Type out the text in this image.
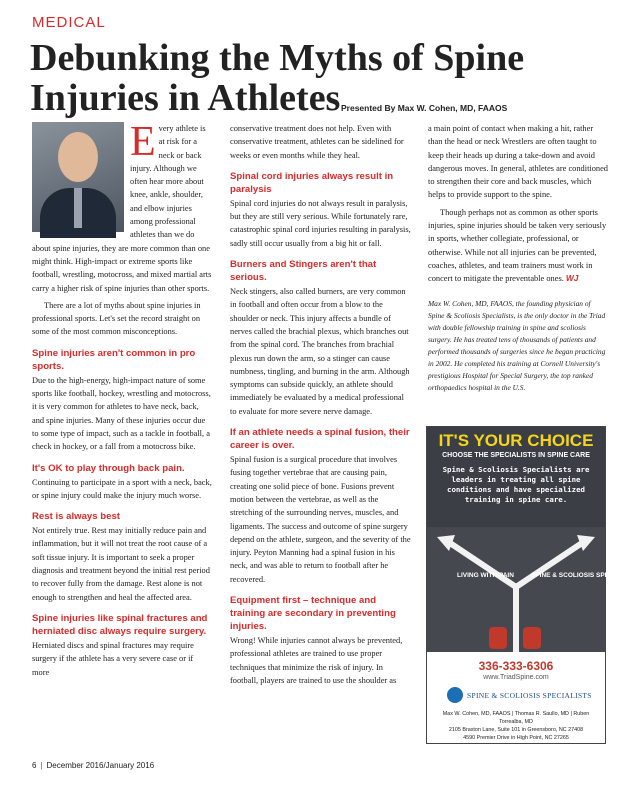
MEDICAL
Debunking the Myths of Spine Injuries in Athletes Presented By Max W. Cohen, MD, FAAOS

Every athlete is at risk for a neck or back injury. Although we often hear more about knee, ankle, shoulder, and elbow injuries among professional athletes than we do about spine injuries, they are more common than one might think. High-impact or extreme sports like football, wrestling, motocross, and mixed martial arts carry a higher risk of spine injuries than other sports.

There are a lot of myths about spine injuries in professional sports. Let's set the record straight on some of the most common misconceptions.

Spine injuries aren't common in pro sports.

Due to the high-energy, high-impact nature of some sports like football, hockey, wrestling and motocross, it is very common for athletes to have neck, back, and spine injuries. Many of these injuries occur due to some type of impact, such as a tackle in football, a check in hockey, or a fall from a motocross bike.

It's OK to play through back pain.

Continuing to participate in a sport with a neck, back, or spine injury could make the injury much worse.

Rest is always best

Not entirely true. Rest may initially reduce pain and inflammation, but it will not treat the root cause of a soft tissue injury. It is important to seek a proper diagnosis and treatment beyond the initial rest period to recover fully from the damage. Rest alone is not enough to strengthen and heal the affected area.

Spine injuries like spinal fractures and herniated disc always require surgery.

Herniated discs and spinal fractures may require surgery if the athlete has a very severe case or if more

conservative treatment does not help. Even with conservative treatment, athletes can be sidelined for weeks or even months while they heal.

Spinal cord injuries always result in paralysis

Spinal cord injuries do not always result in paralysis, but they are still very serious. While fortunately rare, catastrophic spinal cord injuries resulting in paralysis, sadly still occur usually from a big hit or fall.

Burners and Stingers aren't that serious.

Neck stingers, also called burners, are very common in football and often occur from a blow to the shoulder or neck. This injury affects a bundle of nerves called the brachial plexus, which branches out from the spinal cord. The branches from brachial plexus run down the arm, so a stinger can cause numbness, tingling, and burning in the arm. Although symptoms can subside quickly, an athlete should immediately be evaluated by a medical professional to evaluate for more severe nerve damage.

If an athlete needs a spinal fusion, their career is over.

Spinal fusion is a surgical procedure that involves fusing together vertebrae that are causing pain, creating one solid piece of bone. Fusions prevent motion between the vertebrae, as well as the stretching of the surrounding nerves, muscles, and ligaments. The success and outcome of spine surgery depend on the athlete, surgeon, and the severity of the injury. Peyton Manning had a spinal fusion in his neck, and was able to return to football after he recovered.

Equipment first – technique and training are secondary in preventing injuries.

Wrong! While injuries cannot always be prevented, professional athletes are trained to use proper techniques that minimize the risk of injury. In football, players are trained to use the shoulder as

a main point of contact when making a hit, rather than the head or neck Wrestlers are often taught to keep their heads up during a take-down and avoid dangerous moves. In general, athletes are conditioned to strengthen their core and back muscles, which helps to provide support to the spine.

Though perhaps not as common as other sports injuries, spine injuries should be taken very seriously in sports, whether collegiate, professional, or otherwise. While not all injuries can be prevented, coaches, athletes, and team trainers must work in concert to mitigate the preventable ones. WJ

Max W. Cohen, MD, FAAOS, the founding physician of Spine & Scoliosis Specialists, is the only doctor in the Triad with double fellowship training in spine and scoliosis surgery. He has treated tens of thousands of patients and performed thousands of surgeries since he began practicing in 2002. He completed his training at Cornell University's prestigious Hospital for Special Surgery, the top ranked orthopaedics hospital in the U.S.

IT'S YOUR CHOICE
CHOOSE THE SPECIALISTS IN SPINE CARE
Spine & Scoliosis Specialists are leaders in treating all spine conditions and have specialized training in spine care.
LIVING WITH PAIN	SPINE & SCOLIOSIS SPECIALISTS
336-333-6306
www.TriadSpine.com
SPINE & SCOLIOSIS SPECIALISTS
Max W. Cohen, MD, FAAOS | Thomas R. Saullo, MD | Ruben Torrealba, MD
2105 Braxton Lane, Suite 101 in Greensboro, NC 27408
4590 Premier Drive in High Point, NC 27265
6 | December 2016/January 2016
